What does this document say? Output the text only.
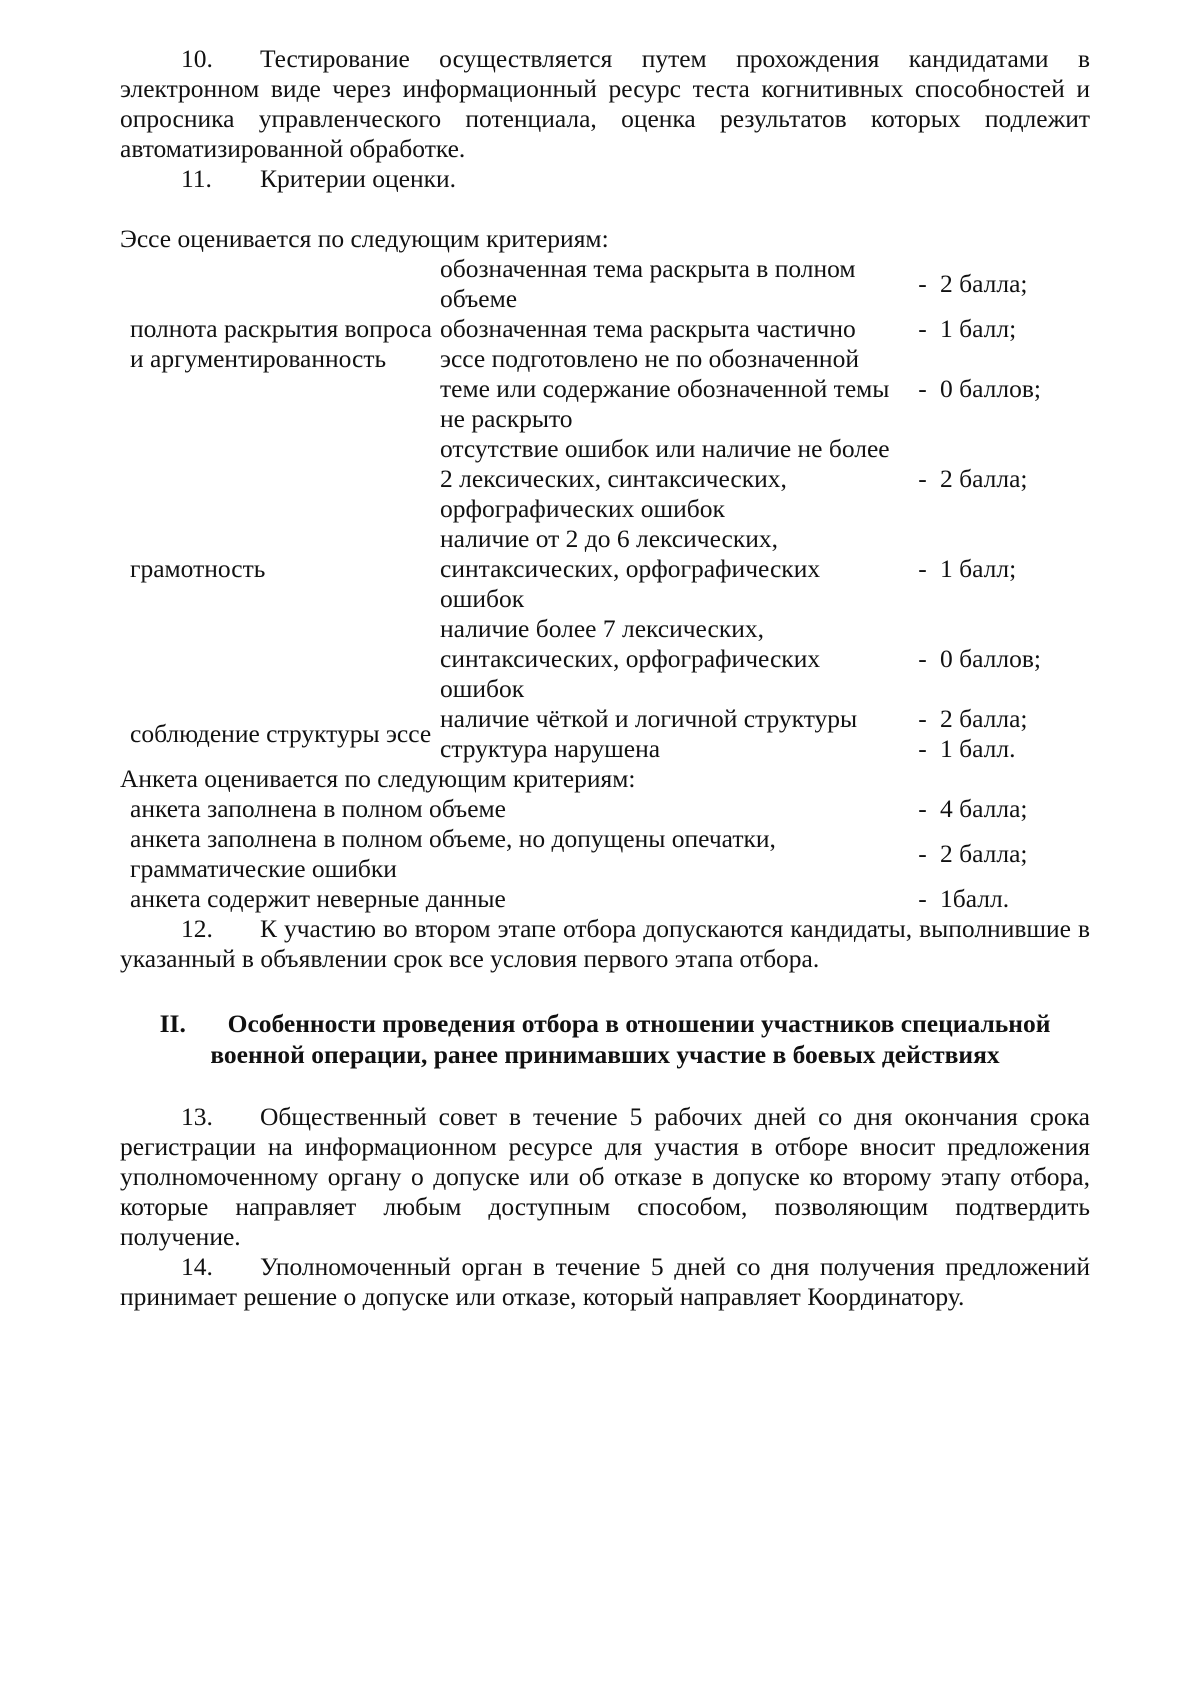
10. Тестирование осуществляется путем прохождения кандидатами в электронном виде через информационный ресурс теста когнитивных способностей и опросника управленческого потенциала, оценка результатов которых подлежит автоматизированной обработке.

11. Критерии оценки.

Эссе оценивается по следующим критериям:

полнота раскрытия вопроса и аргументированность	обозначенная тема раскрыта в полном объеме	-	2 балла;
	обозначенная тема раскрыта частично	-	1 балл;
	эссе подготовлено не по обозначенной теме или содержание обозначенной темы не раскрыто	-	0 баллов;
грамотность	отсутствие ошибок или наличие не более 2 лексических, синтаксических, орфографических ошибок	-	2 балла;
	наличие от 2 до 6 лексических, синтаксических, орфографических ошибок	-	1 балл;
	наличие более 7 лексических, синтаксических, орфографических ошибок	-	0 баллов;
соблюдение структуры эссе	наличие чёткой и логичной структуры	-	2 балла;
	структура нарушена	-	1 балл.

Анкета оценивается по следующим критериям:

анкета заполнена в полном объеме	-	4 балла;
анкета заполнена в полном объеме, но допущены опечатки, грамматические ошибки	-	2 балла;
анкета содержит неверные данные	-	1балл.

12. К участию во втором этапе отбора допускаются кандидаты, выполнившие в указанный в объявлении срок все условия первого этапа отбора.

II. Особенности проведения отбора в отношении участников специальной военной операции, ранее принимавших участие в боевых действиях

13. Общественный совет в течение 5 рабочих дней со дня окончания срока регистрации на информационном ресурсе для участия в отборе вносит предложения уполномоченному органу о допуске или об отказе в допуске ко второму этапу отбора, которые направляет любым доступным способом, позволяющим подтвердить получение.

14. Уполномоченный орган в течение 5 дней со дня получения предложений принимает решение о допуске или отказе, который направляет Координатору.
